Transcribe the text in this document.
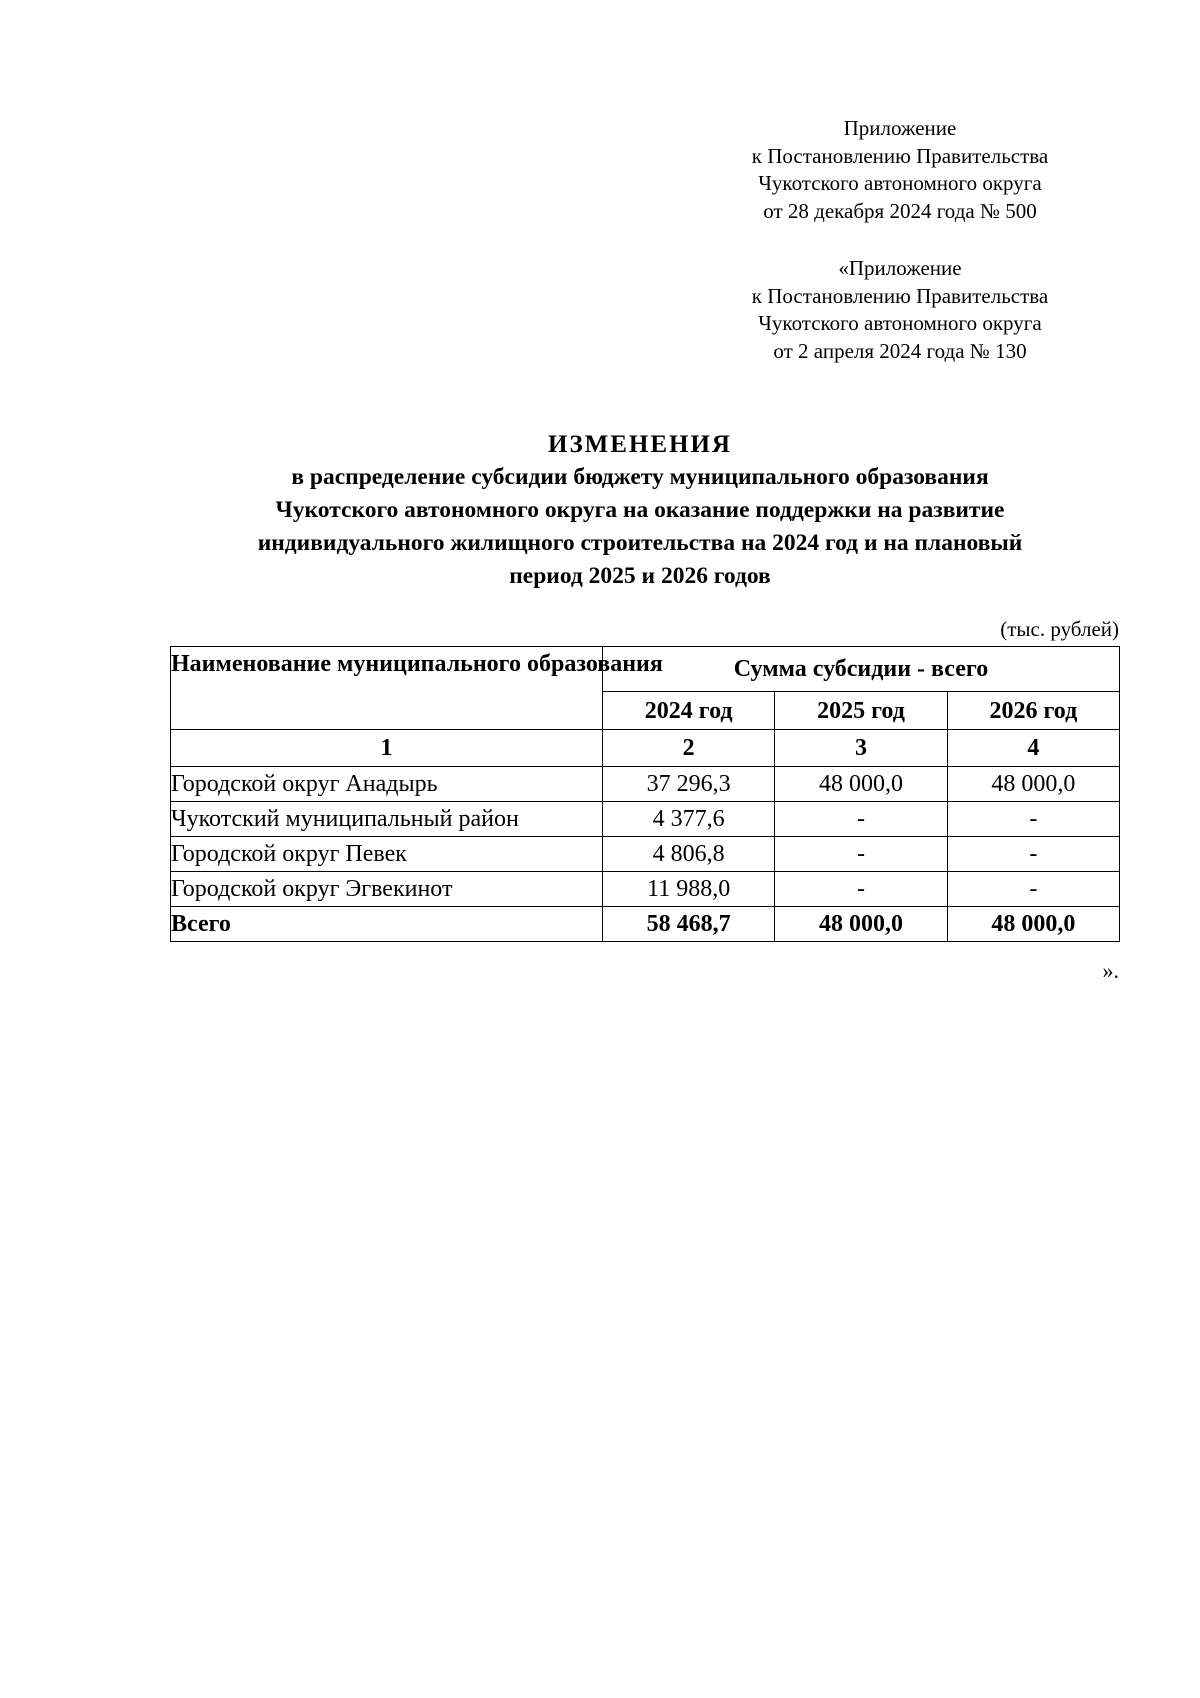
Приложение
к Постановлению Правительства
Чукотского автономного округа
от 28 декабря 2024 года № 500
«Приложение
к Постановлению Правительства
Чукотского автономного округа
от 2 апреля 2024 года № 130
ИЗМЕНЕНИЯ
в распределение субсидии бюджету муниципального образования
Чукотского автономного округа на оказание поддержки на развитие
индивидуального жилищного строительства на 2024 год и на плановый
период 2025 и 2026 годов
(тыс. рублей)
Наименование муниципального образования	Сумма субсидии - всего		
	2024 год	2025 год	2026 год
1	2	3	4
Городской округ Анадырь	37 296,3	48 000,0	48 000,0
Чукотский муниципальный район	4 377,6	-	-
Городской округ Певек	4 806,8	-	-
Городской округ Эгвекинот	11 988,0	-	-
Всего	58 468,7	48 000,0	48 000,0
».
